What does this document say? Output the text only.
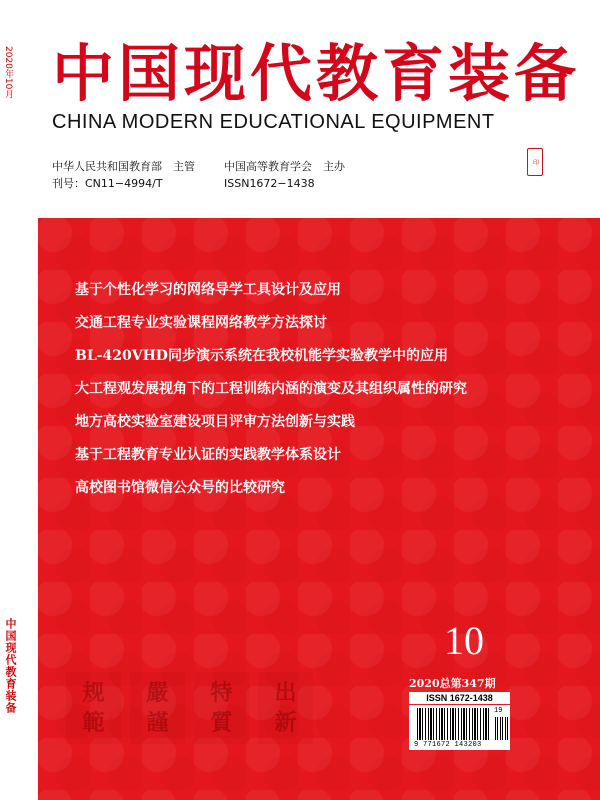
2020年10月
中国现代教育装备
中国现代教育装备
CHINA MODERN EDUCATIONAL EQUIPMENT
中华人民共和国教育部　主管	中国高等教育学会　主办
刊号：CN11−4994/T	ISSN1672−1438
印
基于个性化学习的网络导学工具设计及应用
交通工程专业实验课程网络教学方法探讨
BL-420VHD同步演示系统在我校机能学实验教学中的应用
大工程观发展视角下的工程训练内涵的演变及其组织属性的研究
地方高校实验室建设项目评审方法创新与实践
基于工程教育专业认证的实践教学体系设计
高校图书馆微信公众号的比较研究
规
範
嚴
謹
特
質
出
新
10
2020总第347期
ISSN 1672-1438
19
9 771672 143203
